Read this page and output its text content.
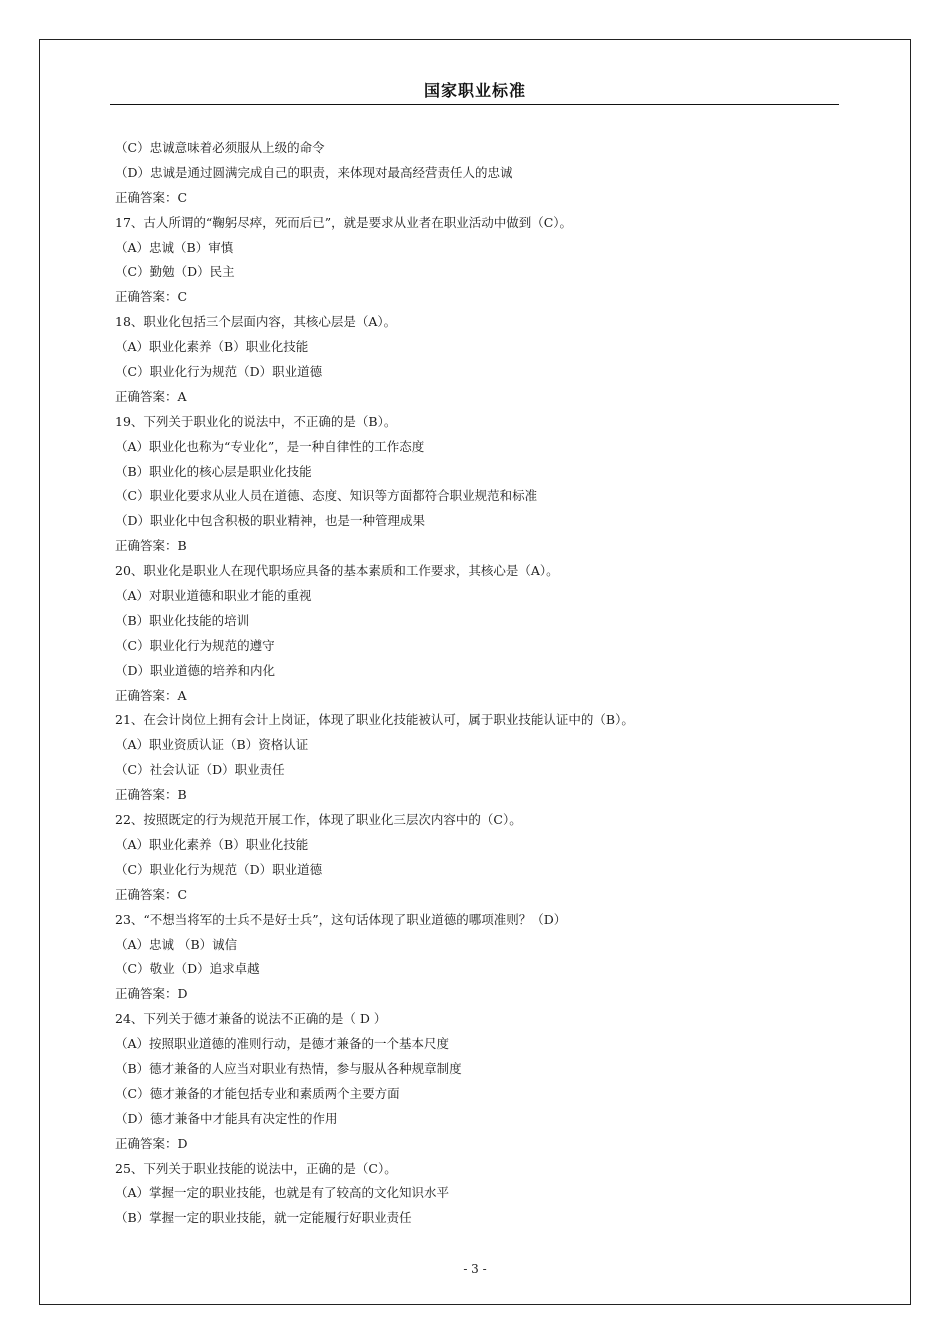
国家职业标准
（C）忠诚意味着必须服从上级的命令
（D）忠诚是通过圆满完成自己的职责，来体现对最高经营责任人的忠诚
正确答案：C
17、古人所谓的“鞠躬尽瘁，死而后已”，就是要求从业者在职业活动中做到（C）。
（A）忠诚（B）审慎
（C）勤勉（D）民主
正确答案：C
18、职业化包括三个层面内容，其核心层是（A）。
（A）职业化素养（B）职业化技能
（C）职业化行为规范（D）职业道德
正确答案：A
19、下列关于职业化的说法中，不正确的是（B）。
（A）职业化也称为“专业化”，是一种自律性的工作态度
（B）职业化的核心层是职业化技能
（C）职业化要求从业人员在道德、态度、知识等方面都符合职业规范和标准
（D）职业化中包含积极的职业精神，也是一种管理成果
正确答案：B
20、职业化是职业人在现代职场应具备的基本素质和工作要求，其核心是（A）。
（A）对职业道德和职业才能的重视
（B）职业化技能的培训
（C）职业化行为规范的遵守
（D）职业道德的培养和内化
正确答案：A
21、在会计岗位上拥有会计上岗证，体现了职业化技能被认可，属于职业技能认证中的（B）。
（A）职业资质认证（B）资格认证
（C）社会认证（D）职业责任
正确答案：B
22、按照既定的行为规范开展工作，体现了职业化三层次内容中的（C）。
（A）职业化素养（B）职业化技能
（C）职业化行为规范（D）职业道德
正确答案：C
23、“不想当将军的士兵不是好士兵”，这句话体现了职业道德的哪项准则？（D）
（A）忠诚 （B）诚信
（C）敬业（D）追求卓越
正确答案：D
24、下列关于德才兼备的说法不正确的是（ D ）
（A）按照职业道德的准则行动，是德才兼备的一个基本尺度
（B）德才兼备的人应当对职业有热情，参与服从各种规章制度
（C）德才兼备的才能包括专业和素质两个主要方面
（D）德才兼备中才能具有决定性的作用
正确答案：D
25、下列关于职业技能的说法中，正确的是（C）。
（A）掌握一定的职业技能，也就是有了较高的文化知识水平
（B）掌握一定的职业技能，就一定能履行好职业责任
- 3 -
